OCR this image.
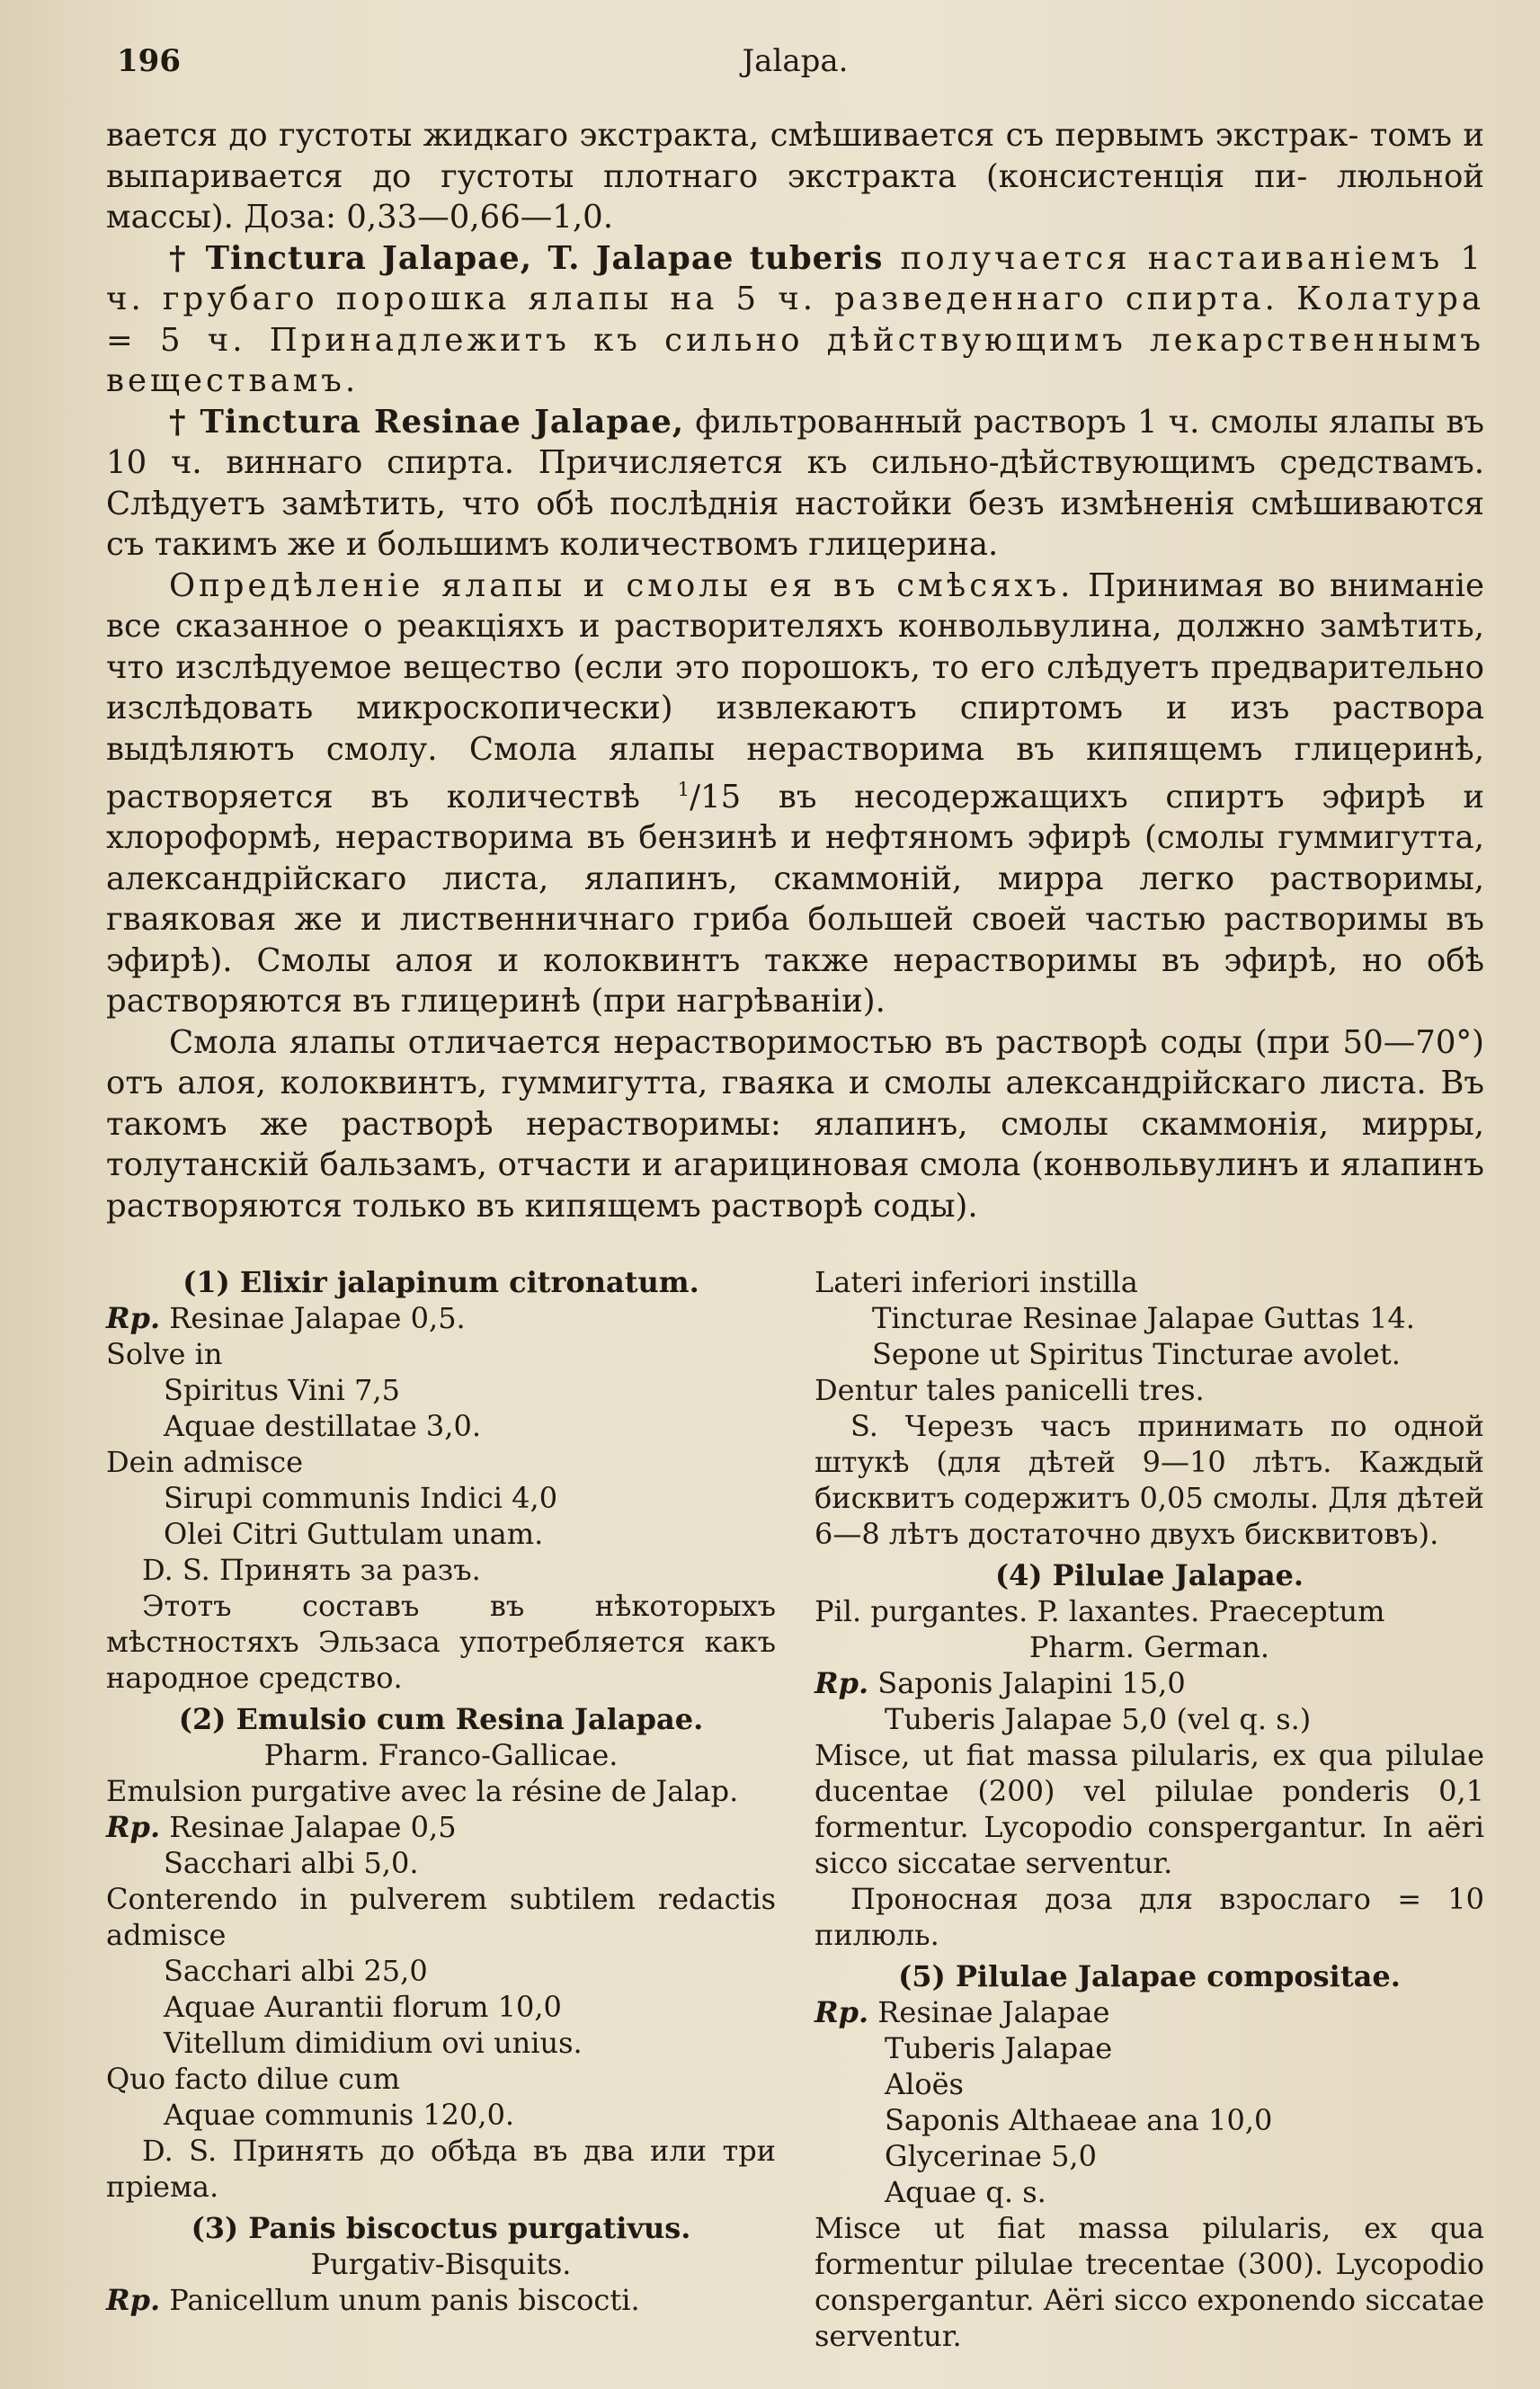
196	Jalapa.

вается до густоты жидкаго экстракта, смѣшивается съ первымъ экстрак- томъ и выпаривается до густоты плотнаго экстракта (консистенція пи- люльной массы). Доза: 0,33—0,66—1,0.

† Tinctura Jalapae, T. Jalapae tuberis получается настаиваніемъ 1 ч. грубаго порошка ялапы на 5 ч. разведеннаго спирта. Колатура = 5 ч. Принадлежитъ къ сильно дѣйствующимъ лекарственнымъ веществамъ.

† Tinctura Resinae Jalapae, фильтрованный растворъ 1 ч. смолы ялапы въ 10 ч. виннаго спирта. Причисляется къ сильно-дѣйствующимъ средствамъ. Слѣдуетъ замѣтить, что обѣ послѣднія настойки безъ измѣненія смѣшиваются съ такимъ же и большимъ количествомъ глицерина.

Опредѣленіе ялапы и смолы ея въ смѣсяхъ. Принимая во вниманіе все сказанное о реакціяхъ и растворителяхъ конвольвулина, должно замѣтить, что изслѣдуемое вещество (если это порошокъ, то его слѣдуетъ предварительно изслѣдовать микроскопически) извлекаютъ спиртомъ и изъ раствора выдѣляютъ смолу. Смола ялапы нерастворима въ кипящемъ глицеринѣ, растворяется въ количествѣ $^1$/15 въ несодержащихъ спиртъ эфирѣ и хлороформѣ, нерастворима въ бензинѣ и нефтяномъ эфирѣ (смолы гуммигутта, александрійскаго листа, ялапинъ, скаммоній, мирра легко растворимы, гваяковая же и лиственничнаго гриба большей своей частью растворимы въ эфирѣ). Смолы алоя и колоквинтъ также нерастворимы въ эфирѣ, но обѣ растворяются въ глицеринѣ (при нагрѣваніи).

Смола ялапы отличается нерастворимостью въ растворѣ соды (при 50—70°) отъ алоя, колоквинтъ, гуммигутта, гваяка и смолы александрійскаго листа. Въ такомъ же растворѣ нерастворимы: ялапинъ, смолы скаммонія, мирры, толутанскій бальзамъ, отчасти и агарициновая смола (конвольвулинъ и ялапинъ растворяются только въ кипящемъ растворѣ соды).

(1) Elixir jalapinum citronatum.

Rp. Resinae Jalapae 0,5.

Solve in

Spiritus Vini 7,5

Aquae destillatae 3,0.

Dein admisce

Sirupi communis Indici 4,0

Olei Citri Guttulam unam.

D. S. Принять за разъ.

Этотъ составъ въ нѣкоторыхъ мѣстностяхъ Эльзаса употребляется какъ народное средство.

(2) Emulsio cum Resina Jalapae.

Pharm. Franco-Gallicae.

Emulsion purgative avec la résine de Jalap.

Rp. Resinae Jalapae 0,5

Sacchari albi 5,0.

Conterendo in pulverem subtilem redactis admisce

Sacchari albi 25,0

Aquae Aurantii florum 10,0

Vitellum dimidium ovi unius.

Quo facto dilue cum

Aquae communis 120,0.

D. S. Принять до обѣда въ два или три пріема.

(3) Panis biscoctus purgativus.

Purgativ-Bisquits.

Rp. Panicellum unum panis biscocti.

Lateri inferiori instilla

Tincturae Resinae Jalapae Guttas 14.

Sepone ut Spiritus Tincturae avolet.

Dentur tales panicelli tres.

S. Черезъ часъ принимать по одной штукѣ (для дѣтей 9—10 лѣтъ. Каждый бисквитъ содержитъ 0,05 смолы. Для дѣтей 6—8 лѣтъ достаточно двухъ бисквитовъ).

(4) Pilulae Jalapae.

Pil. purgantes. P. laxantes. Praeceptum

Pharm. German.

Rp. Saponis Jalapini 15,0

Tuberis Jalapae 5,0 (vel q. s.)

Misce, ut fiat massa pilularis, ex qua pilulae ducentae (200) vel pilulae ponderis 0,1 formentur. Lycopodio conspergantur. In aëri sicco siccatae serventur.

Проносная доза для взрослаго = 10 пилюль.

(5) Pilulae Jalapae compositae.

Rp. Resinae Jalapae

Tuberis Jalapae

Aloës

Saponis Althaeae ana 10,0

Glycerinae 5,0

Aquae q. s.

Misce ut fiat massa pilularis, ex qua formentur pilulae trecentae (300). Lycopodio conspergantur. Aëri sicco exponendo siccatae serventur.
